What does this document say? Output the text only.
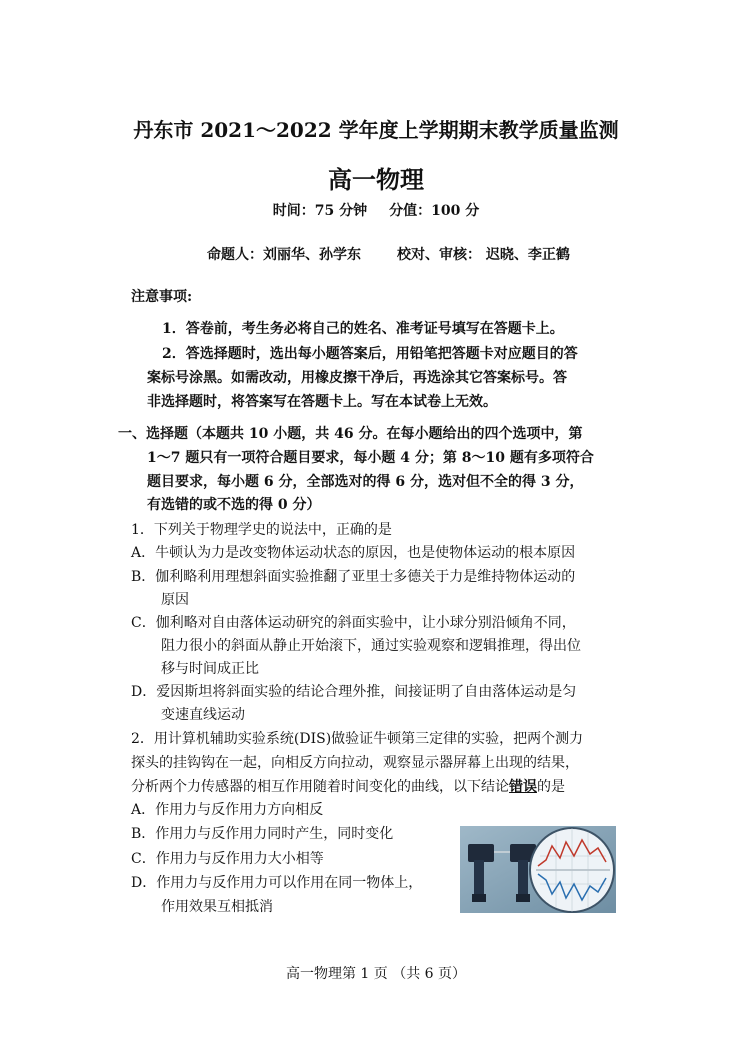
丹东市 2021～2022 学年度上学期期末教学质量监测
高一物理
时间：75 分钟 分值：100 分
命题人：刘丽华、孙学东	校对、审核： 迟晓、李正鹤
注意事项:
1．答卷前，考生务必将自己的姓名、准考证号填写在答题卡上。
2．答选择题时，选出每小题答案后，用铅笔把答题卡对应题目的答
案标号涂黑。如需改动，用橡皮擦干净后，再选涂其它答案标号。答
非选择题时，将答案写在答题卡上。写在本试卷上无效。
一、选择题（本题共 10 小题，共 46 分。在每小题给出的四个选项中，第
1～7 题只有一项符合题目要求，每小题 4 分；第 8～10 题有多项符合
题目要求，每小题 6 分，全部选对的得 6 分，选对但不全的得 3 分，
有选错的或不选的得 0 分）
1．下列关于物理学史的说法中，正确的是
A．牛顿认为力是改变物体运动状态的原因，也是使物体运动的根本原因
B．伽利略利用理想斜面实验推翻了亚里士多德关于力是维持物体运动的
原因
C．伽利略对自由落体运动研究的斜面实验中，让小球分别沿倾角不同，
阻力很小的斜面从静止开始滚下，通过实验观察和逻辑推理，得出位
移与时间成正比
D．爱因斯坦将斜面实验的结论合理外推，间接证明了自由落体运动是匀
变速直线运动
2．用计算机辅助实验系统(DIS)做验证牛顿第三定律的实验，把两个测力
探头的挂钩钩在一起，向相反方向拉动，观察显示器屏幕上出现的结果，
分析两个力传感器的相互作用随着时间变化的曲线，以下结论错误的是
A．作用力与反作用力方向相反
B．作用力与反作用力同时产生，同时变化
C．作用力与反作用力大小相等
D．作用力与反作用力可以作用在同一物体上，
作用效果互相抵消
高一物理第 1 页 （共 6 页）
